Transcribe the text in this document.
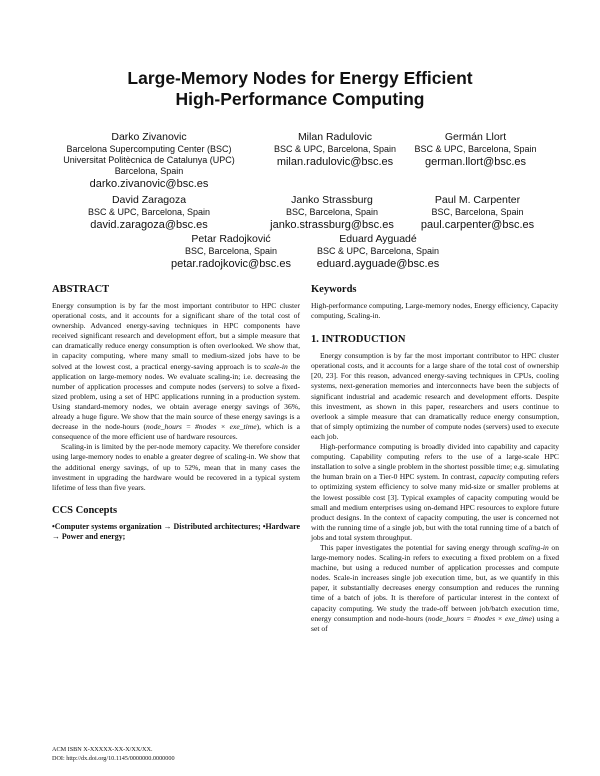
Large-Memory Nodes for Energy Efficient
High-Performance Computing
Darko Zivanovic
Barcelona Supercomputing Center (BSC)
Universitat Politècnica de Catalunya (UPC)
Barcelona, Spain
darko.zivanovic@bsc.es
Milan Radulovic
BSC & UPC, Barcelona, Spain
milan.radulovic@bsc.es
Germán Llort
BSC & UPC, Barcelona, Spain
german.llort@bsc.es
David Zaragoza
BSC & UPC, Barcelona, Spain
david.zaragoza@bsc.es
Janko Strassburg
BSC, Barcelona, Spain
janko.strassburg@bsc.es
Paul M. Carpenter
BSC, Barcelona, Spain
paul.carpenter@bsc.es
Petar Radojković
BSC, Barcelona, Spain
petar.radojkovic@bsc.es
Eduard Ayguadé
BSC & UPC, Barcelona, Spain
eduard.ayguade@bsc.es
ABSTRACT

Energy consumption is by far the most important contributor to HPC cluster operational costs, and it accounts for a significant share of the total cost of ownership. Advanced energy-saving techniques in HPC components have received significant research and development effort, but a simple measure that can dramatically reduce energy consumption is often overlooked. We show that, in capacity computing, where many small to medium-sized jobs have to be solved at the lowest cost, a practical energy-saving approach is to scale-in the application on large-memory nodes. We evaluate scaling-in; i.e. decreasing the number of application processes and compute nodes (servers) to solve a fixed-sized problem, using a set of HPC applications running in a production system. Using standard-memory nodes, we obtain average energy savings of 36%, already a huge figure. We show that the main source of these energy savings is a decrease in the node-hours (node_hours = #nodes × exe_time), which is a consequence of the more efficient use of hardware resources.

Scaling-in is limited by the per-node memory capacity. We therefore consider using large-memory nodes to enable a greater degree of scaling-in. We show that the additional energy savings, of up to 52%, mean that in many cases the investment in upgrading the hardware would be recovered in a typical system lifetime of less than five years.

CCS Concepts

•Computer systems organization → Distributed architectures; •Hardware → Power and energy;

ACM ISBN X-XXXXX-XX-X/XX/XX.
DOI: http://dx.doi.org/10.1145/0000000.0000000
Keywords

High-performance computing, Large-memory nodes, Energy efficiency, Capacity computing, Scaling-in.

1. INTRODUCTION

Energy consumption is by far the most important contributor to HPC cluster operational costs, and it accounts for a large share of the total cost of ownership [20, 23]. For this reason, advanced energy-saving techniques in CPUs, cooling systems, next-generation memories and interconnects have been the subjects of significant industrial and academic research and development efforts. Despite this investment, as shown in this paper, researchers and users continue to overlook a simple measure that can dramatically reduce energy consumption, that of simply optimizing the number of compute nodes (servers) used to execute each job.

High-performance computing is broadly divided into capability and capacity computing. Capability computing refers to the use of a large-scale HPC installation to solve a single problem in the shortest possible time; e.g. simulating the human brain on a Tier-0 HPC system. In contrast, capacity computing refers to optimizing system efficiency to solve many mid-size or smaller problems at the lowest possible cost [3]. Typical examples of capacity computing would be small and medium enterprises using on-demand HPC resources to explore future product designs. In the context of capacity computing, the user is concerned not with the running time of a single job, but with the total running time of a batch of jobs and total system throughput.

This paper investigates the potential for saving energy through scaling-in on large-memory nodes. Scaling-in refers to executing a fixed problem on a fixed machine, but using a reduced number of application processes and compute nodes. Scale-in increases single job execution time, but, as we quantify in this paper, it substantially decreases energy consumption and reduces the running time of a batch of jobs. It is therefore of particular interest in the context of capacity computing. We study the trade-off between job/batch execution time, energy consumption and node-hours (node_hours = #nodes × exe_time) using a set of
